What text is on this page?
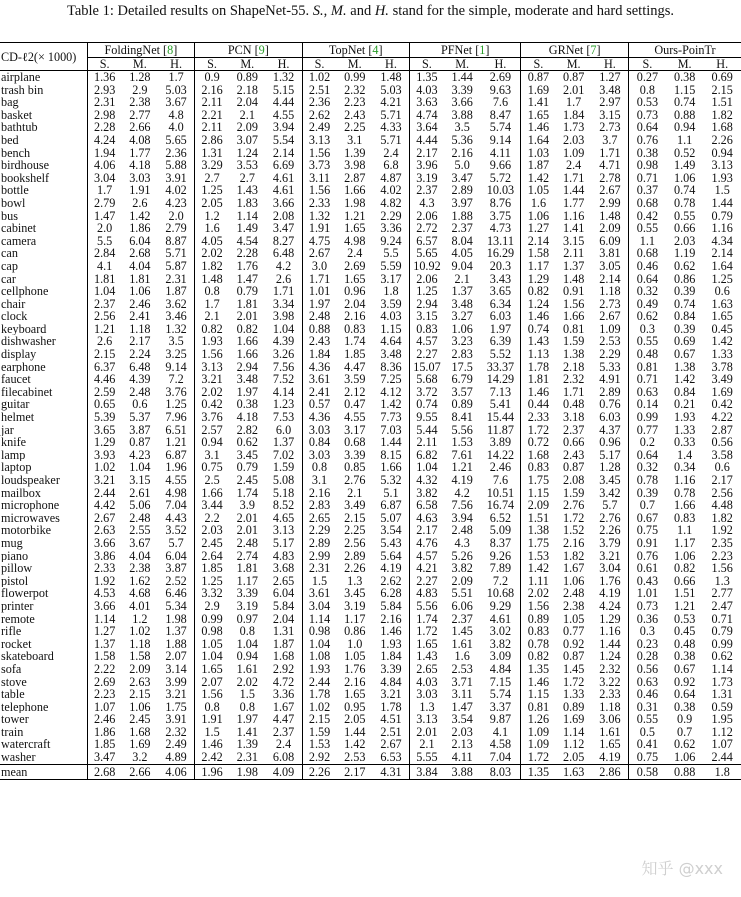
Table 1: Detailed results on ShapeNet-55. S., M. and H. stand for the simple, moderate and hard settings.
CD-ℓ2(× 1000)	FoldingNet [8]			PCN [9]			TopNet [4]			PFNet [1]			GRNet [7]			Ours-PoinTr		
	S.	M.	H.	S.	M.	H.	S.	M.	H.	S.	M.	H.	S.	M.	H.	S.	M.	H.
airplane	1.36	1.28	1.7	0.9	0.89	1.32	1.02	0.99	1.48	1.35	1.44	2.69	0.87	0.87	1.27	0.27	0.38	0.69
trash bin	2.93	2.9	5.03	2.16	2.18	5.15	2.51	2.32	5.03	4.03	3.39	9.63	1.69	2.01	3.48	0.8	1.15	2.15
bag	2.31	2.38	3.67	2.11	2.04	4.44	2.36	2.23	4.21	3.63	3.66	7.6	1.41	1.7	2.97	0.53	0.74	1.51
basket	2.98	2.77	4.8	2.21	2.1	4.55	2.62	2.43	5.71	4.74	3.88	8.47	1.65	1.84	3.15	0.73	0.88	1.82
bathtub	2.28	2.66	4.0	2.11	2.09	3.94	2.49	2.25	4.33	3.64	3.5	5.74	1.46	1.73	2.73	0.64	0.94	1.68
bed	4.24	4.08	5.65	2.86	3.07	5.54	3.13	3.1	5.71	4.44	5.36	9.14	1.64	2.03	3.7	0.76	1.1	2.26
bench	1.94	1.77	2.36	1.31	1.24	2.14	1.56	1.39	2.4	2.17	2.16	4.11	1.03	1.09	1.71	0.38	0.52	0.94
birdhouse	4.06	4.18	5.88	3.29	3.53	6.69	3.73	3.98	6.8	3.96	5.0	9.66	1.87	2.4	4.71	0.98	1.49	3.13
bookshelf	3.04	3.03	3.91	2.7	2.7	4.61	3.11	2.87	4.87	3.19	3.47	5.72	1.42	1.71	2.78	0.71	1.06	1.93
bottle	1.7	1.91	4.02	1.25	1.43	4.61	1.56	1.66	4.02	2.37	2.89	10.03	1.05	1.44	2.67	0.37	0.74	1.5
bowl	2.79	2.6	4.23	2.05	1.83	3.66	2.33	1.98	4.82	4.3	3.97	8.76	1.6	1.77	2.99	0.68	0.78	1.44
bus	1.47	1.42	2.0	1.2	1.14	2.08	1.32	1.21	2.29	2.06	1.88	3.75	1.06	1.16	1.48	0.42	0.55	0.79
cabinet	2.0	1.86	2.79	1.6	1.49	3.47	1.91	1.65	3.36	2.72	2.37	4.73	1.27	1.41	2.09	0.55	0.66	1.16
camera	5.5	6.04	8.87	4.05	4.54	8.27	4.75	4.98	9.24	6.57	8.04	13.11	2.14	3.15	6.09	1.1	2.03	4.34
can	2.84	2.68	5.71	2.02	2.28	6.48	2.67	2.4	5.5	5.65	4.05	16.29	1.58	2.11	3.81	0.68	1.19	2.14
cap	4.1	4.04	5.87	1.82	1.76	4.2	3.0	2.69	5.59	10.92	9.04	20.3	1.17	1.37	3.05	0.46	0.62	1.64
car	1.81	1.81	2.31	1.48	1.47	2.6	1.71	1.65	3.17	2.06	2.1	3.43	1.29	1.48	2.14	0.64	0.86	1.25
cellphone	1.04	1.06	1.87	0.8	0.79	1.71	1.01	0.96	1.8	1.25	1.37	3.65	0.82	0.91	1.18	0.32	0.39	0.6
chair	2.37	2.46	3.62	1.7	1.81	3.34	1.97	2.04	3.59	2.94	3.48	6.34	1.24	1.56	2.73	0.49	0.74	1.63
clock	2.56	2.41	3.46	2.1	2.01	3.98	2.48	2.16	4.03	3.15	3.27	6.03	1.46	1.66	2.67	0.62	0.84	1.65
keyboard	1.21	1.18	1.32	0.82	0.82	1.04	0.88	0.83	1.15	0.83	1.06	1.97	0.74	0.81	1.09	0.3	0.39	0.45
dishwasher	2.6	2.17	3.5	1.93	1.66	4.39	2.43	1.74	4.64	4.57	3.23	6.39	1.43	1.59	2.53	0.55	0.69	1.42
display	2.15	2.24	3.25	1.56	1.66	3.26	1.84	1.85	3.48	2.27	2.83	5.52	1.13	1.38	2.29	0.48	0.67	1.33
earphone	6.37	6.48	9.14	3.13	2.94	7.56	4.36	4.47	8.36	15.07	17.5	33.37	1.78	2.18	5.33	0.81	1.38	3.78
faucet	4.46	4.39	7.2	3.21	3.48	7.52	3.61	3.59	7.25	5.68	6.79	14.29	1.81	2.32	4.91	0.71	1.42	3.49
filecabinet	2.59	2.48	3.76	2.02	1.97	4.14	2.41	2.12	4.12	3.72	3.57	7.13	1.46	1.71	2.89	0.63	0.84	1.69
guitar	0.65	0.6	1.25	0.42	0.38	1.23	0.57	0.47	1.42	0.74	0.89	5.41	0.44	0.48	0.76	0.14	0.21	0.42
helmet	5.39	5.37	7.96	3.76	4.18	7.53	4.36	4.55	7.73	9.55	8.41	15.44	2.33	3.18	6.03	0.99	1.93	4.22
jar	3.65	3.87	6.51	2.57	2.82	6.0	3.03	3.17	7.03	5.44	5.56	11.87	1.72	2.37	4.37	0.77	1.33	2.87
knife	1.29	0.87	1.21	0.94	0.62	1.37	0.84	0.68	1.44	2.11	1.53	3.89	0.72	0.66	0.96	0.2	0.33	0.56
lamp	3.93	4.23	6.87	3.1	3.45	7.02	3.03	3.39	8.15	6.82	7.61	14.22	1.68	2.43	5.17	0.64	1.4	3.58
laptop	1.02	1.04	1.96	0.75	0.79	1.59	0.8	0.85	1.66	1.04	1.21	2.46	0.83	0.87	1.28	0.32	0.34	0.6
loudspeaker	3.21	3.15	4.55	2.5	2.45	5.08	3.1	2.76	5.32	4.32	4.19	7.6	1.75	2.08	3.45	0.78	1.16	2.17
mailbox	2.44	2.61	4.98	1.66	1.74	5.18	2.16	2.1	5.1	3.82	4.2	10.51	1.15	1.59	3.42	0.39	0.78	2.56
microphone	4.42	5.06	7.04	3.44	3.9	8.52	2.83	3.49	6.87	6.58	7.56	16.74	2.09	2.76	5.7	0.7	1.66	4.48
microwaves	2.67	2.48	4.43	2.2	2.01	4.65	2.65	2.15	5.07	4.63	3.94	6.52	1.51	1.72	2.76	0.67	0.83	1.82
motorbike	2.63	2.55	3.52	2.03	2.01	3.13	2.29	2.25	3.54	2.17	2.48	5.09	1.38	1.52	2.26	0.75	1.1	1.92
mug	3.66	3.67	5.7	2.45	2.48	5.17	2.89	2.56	5.43	4.76	4.3	8.37	1.75	2.16	3.79	0.91	1.17	2.35
piano	3.86	4.04	6.04	2.64	2.74	4.83	2.99	2.89	5.64	4.57	5.26	9.26	1.53	1.82	3.21	0.76	1.06	2.23
pillow	2.33	2.38	3.87	1.85	1.81	3.68	2.31	2.26	4.19	4.21	3.82	7.89	1.42	1.67	3.04	0.61	0.82	1.56
pistol	1.92	1.62	2.52	1.25	1.17	2.65	1.5	1.3	2.62	2.27	2.09	7.2	1.11	1.06	1.76	0.43	0.66	1.3
flowerpot	4.53	4.68	6.46	3.32	3.39	6.04	3.61	3.45	6.28	4.83	5.51	10.68	2.02	2.48	4.19	1.01	1.51	2.77
printer	3.66	4.01	5.34	2.9	3.19	5.84	3.04	3.19	5.84	5.56	6.06	9.29	1.56	2.38	4.24	0.73	1.21	2.47
remote	1.14	1.2	1.98	0.99	0.97	2.04	1.14	1.17	2.16	1.74	2.37	4.61	0.89	1.05	1.29	0.36	0.53	0.71
rifle	1.27	1.02	1.37	0.98	0.8	1.31	0.98	0.86	1.46	1.72	1.45	3.02	0.83	0.77	1.16	0.3	0.45	0.79
rocket	1.37	1.18	1.88	1.05	1.04	1.87	1.04	1.0	1.93	1.65	1.61	3.82	0.78	0.92	1.44	0.23	0.48	0.99
skateboard	1.58	1.58	2.07	1.04	0.94	1.68	1.08	1.05	1.84	1.43	1.6	3.09	0.82	0.87	1.24	0.28	0.38	0.62
sofa	2.22	2.09	3.14	1.65	1.61	2.92	1.93	1.76	3.39	2.65	2.53	4.84	1.35	1.45	2.32	0.56	0.67	1.14
stove	2.69	2.63	3.99	2.07	2.02	4.72	2.44	2.16	4.84	4.03	3.71	7.15	1.46	1.72	3.22	0.63	0.92	1.73
table	2.23	2.15	3.21	1.56	1.5	3.36	1.78	1.65	3.21	3.03	3.11	5.74	1.15	1.33	2.33	0.46	0.64	1.31
telephone	1.07	1.06	1.75	0.8	0.8	1.67	1.02	0.95	1.78	1.3	1.47	3.37	0.81	0.89	1.18	0.31	0.38	0.59
tower	2.46	2.45	3.91	1.91	1.97	4.47	2.15	2.05	4.51	3.13	3.54	9.87	1.26	1.69	3.06	0.55	0.9	1.95
train	1.86	1.68	2.32	1.5	1.41	2.37	1.59	1.44	2.51	2.01	2.03	4.1	1.09	1.14	1.61	0.5	0.7	1.12
watercraft	1.85	1.69	2.49	1.46	1.39	2.4	1.53	1.42	2.67	2.1	2.13	4.58	1.09	1.12	1.65	0.41	0.62	1.07
washer	3.47	3.2	4.89	2.42	2.31	6.08	2.92	2.53	6.53	5.55	4.11	7.04	1.72	2.05	4.19	0.75	1.06	2.44
mean	2.68	2.66	4.06	1.96	1.98	4.09	2.26	2.17	4.31	3.84	3.88	8.03	1.35	1.63	2.86	0.58	0.88	1.8
知乎 @xxx
